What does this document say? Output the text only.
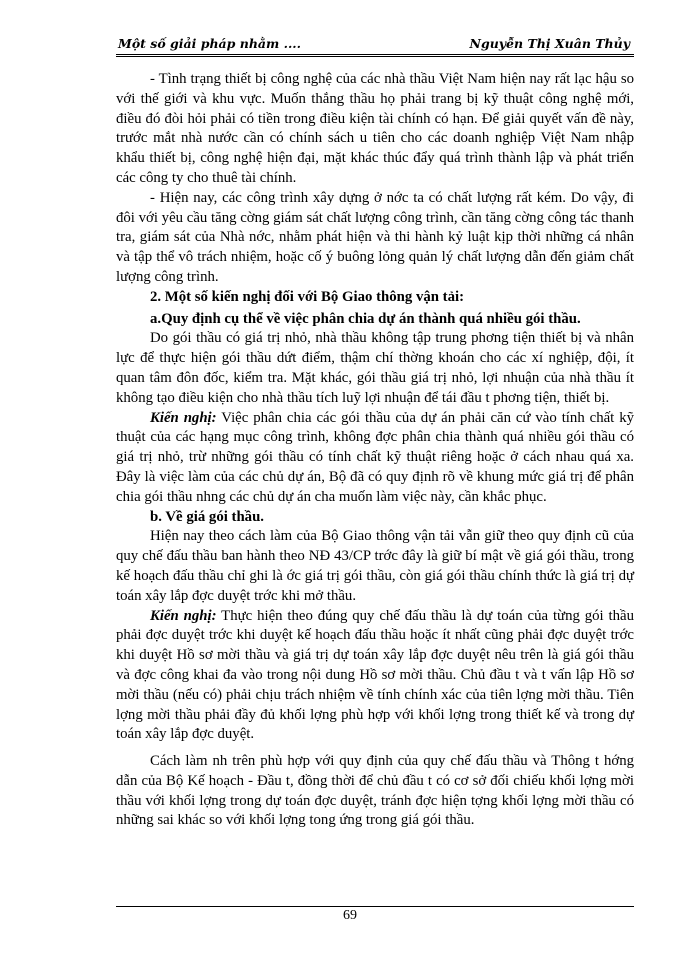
Một số giải pháp nhằm ....	Nguyễn Thị Xuân Thủy

- Tình trạng thiết bị công nghệ của các nhà thầu Việt Nam hiện nay rất lạc hậu so với thế giới và khu vực. Muốn thắng thầu họ phải trang bị kỹ thuật công nghệ mới, điều đó đòi hỏi phải có tiền trong điều kiện tài chính có hạn. Để giải quyết vấn đề này, trước mắt nhà nước cần có chính sách u tiên cho các doanh nghiệp Việt Nam nhập khẩu thiết bị, công nghệ hiện đại, mặt khác thúc đẩy quá trình thành lập và phát triển các công ty cho thuê tài chính.

- Hiện nay, các công trình xây dựng ở nớc ta có chất lượng rất kém. Do vậy, đi đôi với yêu cầu tăng cờng giám sát chất lượng công trình, cần tăng cờng công tác thanh tra, giám sát của Nhà nớc, nhằm phát hiện và thi hành kỷ luật kịp thời những cá nhân và tập thể vô trách nhiệm, hoặc cố ý buông lỏng quản lý chất lượng dẫn đến giảm chất lượng công trình.

2. Một số kiến nghị đối với Bộ Giao thông vận tải:

a.Quy định cụ thể về việc phân chia dự án thành quá nhiều gói thầu.

Do gói thầu có giá trị nhỏ, nhà thầu không tập trung phơng tiện thiết bị và nhân lực để thực hiện gói thầu dứt điểm, thậm chí thờng khoán cho các xí nghiệp, đội, ít quan tâm đôn đốc, kiểm tra. Mặt khác, gói thầu giá trị nhỏ, lợi nhuận của nhà thầu ít không tạo điều kiện cho nhà thầu tích luỹ lợi nhuận để tái đầu t phơng tiện, thiết bị.

Kiến nghị: Việc phân chia các gói thầu của dự án phải căn cứ vào tính chất kỹ thuật của các hạng mục công trình, không đợc phân chia thành quá nhiều gói thầu có giá trị nhỏ, trừ những gói thầu có tính chất kỹ thuật riêng hoặc ở cách nhau quá xa. Đây là việc làm của các chủ dự án, Bộ đã có quy định rõ về khung mức giá trị để phân chia gói thầu nhng các chủ dự án cha muốn làm việc này, cần khắc phục.

b. Về giá gói thầu.

Hiện nay theo cách làm của Bộ Giao thông vận tải vẫn giữ theo quy định cũ của quy chế đấu thầu ban hành theo NĐ 43/CP trớc đây là giữ bí mật về giá gói thầu, trong kế hoạch đấu thầu chỉ ghi là ớc giá trị gói thầu, còn giá gói thầu chính thức là giá trị dự toán xây lắp đợc duyệt trớc khi mở thầu.

Kiến nghị: Thực hiện theo đúng quy chế đấu thầu là dự toán của từng gói thầu phải đợc duyệt trớc khi duyệt kế hoạch đấu thầu hoặc ít nhất cũng phải đợc duyệt trớc khi duyệt Hồ sơ mời thầu và giá trị dự toán xây lắp đợc duyệt nêu trên là giá gói thầu và đợc công khai đa vào trong nội dung Hồ sơ mời thầu. Chủ đầu t và t vấn lập Hồ sơ mời thầu (nếu có) phải chịu trách nhiệm về tính chính xác của tiên lợng mời thầu. Tiên lợng mời thầu phải đầy đủ khối lợng phù hợp với khối lợng trong thiết kế và trong dự toán xây lắp đợc duyệt.

Cách làm nh trên phù hợp với quy định của quy chế đấu thầu và Thông t hớng dẫn của Bộ Kế hoạch - Đầu t, đồng thời để chủ đầu t có cơ sở đối chiếu khối lợng mời thầu với khối lợng trong dự toán đợc duyệt, tránh đợc hiện tợng khối lợng mời thầu có những sai khác so với khối lợng tong ứng trong giá gói thầu.

69
